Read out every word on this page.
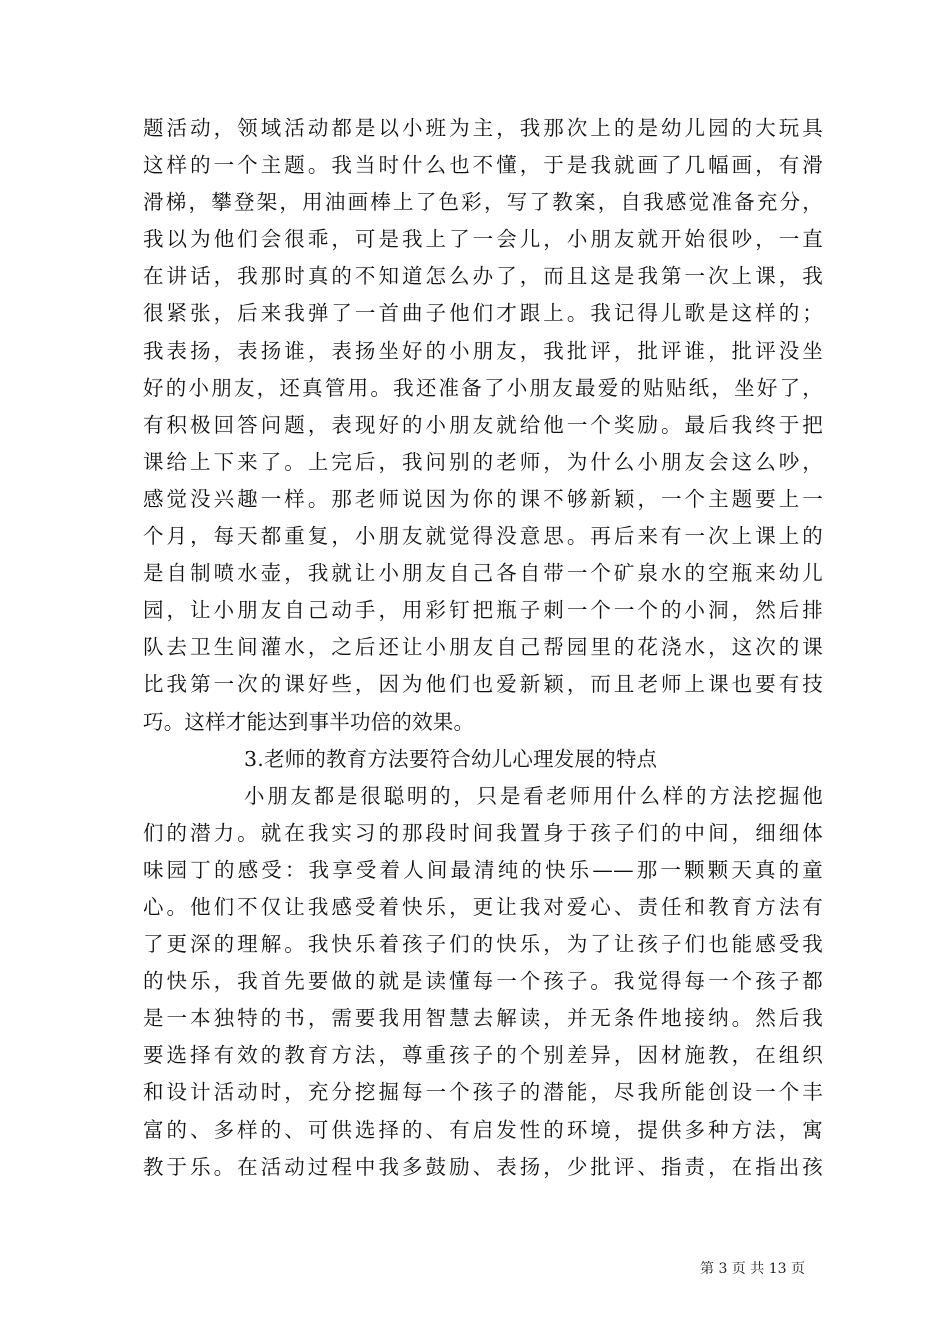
题活动，领域活动都是以小班为主，我那次上的是幼儿园的大玩具
这样的一个主题。我当时什么也不懂，于是我就画了几幅画，有滑
滑梯，攀登架，用油画棒上了色彩，写了教案，自我感觉准备充分，
我以为他们会很乖，可是我上了一会儿，小朋友就开始很吵，一直
在讲话，我那时真的不知道怎么办了，而且这是我第一次上课，我
很紧张，后来我弹了一首曲子他们才跟上。我记得儿歌是这样的；
我表扬，表扬谁，表扬坐好的小朋友，我批评，批评谁，批评没坐
好的小朋友，还真管用。我还准备了小朋友最爱的贴贴纸，坐好了，
有积极回答问题，表现好的小朋友就给他一个奖励。最后我终于把
课给上下来了。上完后，我问别的老师，为什么小朋友会这么吵，
感觉没兴趣一样。那老师说因为你的课不够新颖，一个主题要上一
个月，每天都重复，小朋友就觉得没意思。再后来有一次上课上的
是自制喷水壶，我就让小朋友自己各自带一个矿泉水的空瓶来幼儿
园，让小朋友自己动手，用彩钉把瓶子刺一个一个的小洞，然后排
队去卫生间灌水，之后还让小朋友自己帮园里的花浇水，这次的课
比我第一次的课好些，因为他们也爱新颖，而且老师上课也要有技
巧。这样才能达到事半功倍的效果。
3.老师的教育方法要符合幼儿心理发展的特点
小朋友都是很聪明的，只是看老师用什么样的方法挖掘他
们的潜力。就在我实习的那段时间我置身于孩子们的中间，细细体
味园丁的感受：我享受着人间最清纯的快乐——那一颗颗天真的童
心。他们不仅让我感受着快乐，更让我对爱心、责任和教育方法有
了更深的理解。我快乐着孩子们的快乐，为了让孩子们也能感受我
的快乐，我首先要做的就是读懂每一个孩子。我觉得每一个孩子都
是一本独特的书，需要我用智慧去解读，并无条件地接纳。然后我
要选择有效的教育方法，尊重孩子的个别差异，因材施教，在组织
和设计活动时，充分挖掘每一个孩子的潜能，尽我所能创设一个丰
富的、多样的、可供选择的、有启发性的环境，提供多种方法，寓
教于乐。在活动过程中我多鼓励、表扬，少批评、指责，在指出孩
第 3 页 共 13 页
